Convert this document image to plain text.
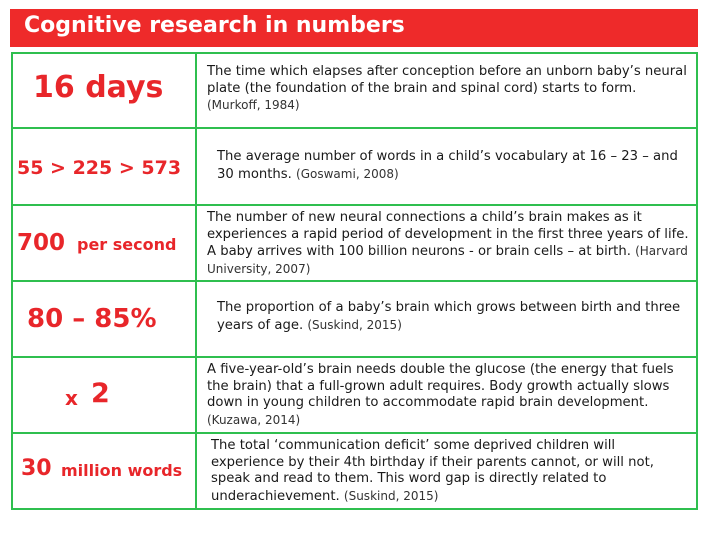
Cognitive research in numbers
16 days	The time which elapses after conception before an unborn baby’s neural plate (the foundation of the brain and spinal cord) starts to form. (Murkoff, 1984)
55 > 225 > 573
The average number of words in a child’s vocabulary at 16 – 23 – and 30 months. (Goswami, 2008)
700 per second
The number of new neural connections a child’s brain makes as it experiences a rapid period of development in the first three years of life. A baby arrives with 100 billion neurons - or brain cells – at birth. (Harvard University, 2007)
80 – 85%	The proportion of a baby’s brain which grows between birth and three years of age. (Suskind, 2015)
x 2
A five-year-old’s brain needs double the glucose (the energy that fuels the brain) that a full-grown adult requires. Body growth actually slows down in young children to accommodate rapid brain development. (Kuzawa, 2014)
30 million words
The total ‘communication deficit’ some deprived children will experience by their 4th birthday if their parents cannot, or will not, speak and read to them. This word gap is directly related to underachievement. (Suskind, 2015)
